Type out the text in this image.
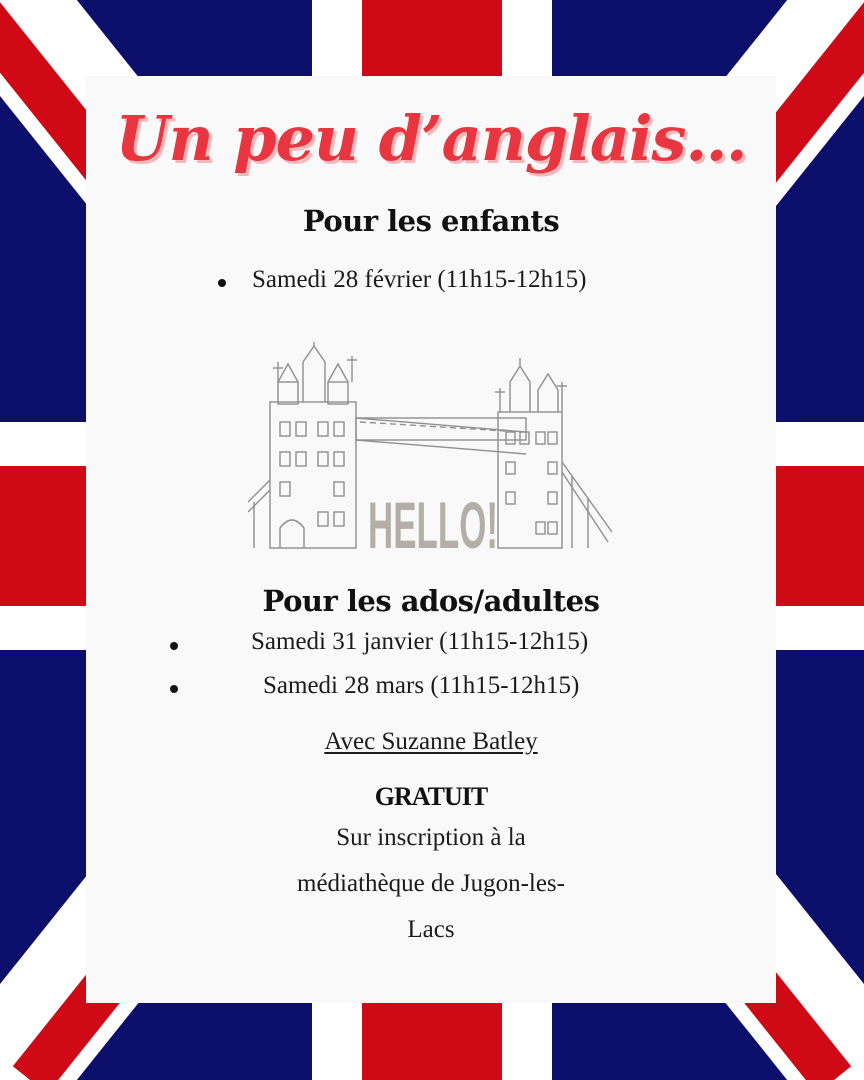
Un peu d’anglais…
Pour les enfants
Samedi 28 février (11h15-12h15)
HELLO!
Pour les ados/adultes
Samedi 31 janvier (11h15-12h15)
Samedi 28 mars (11h15-12h15)
Avec Suzanne Batley
GRATUIT
Sur inscription à la
médiathèque de Jugon-les-
Lacs
